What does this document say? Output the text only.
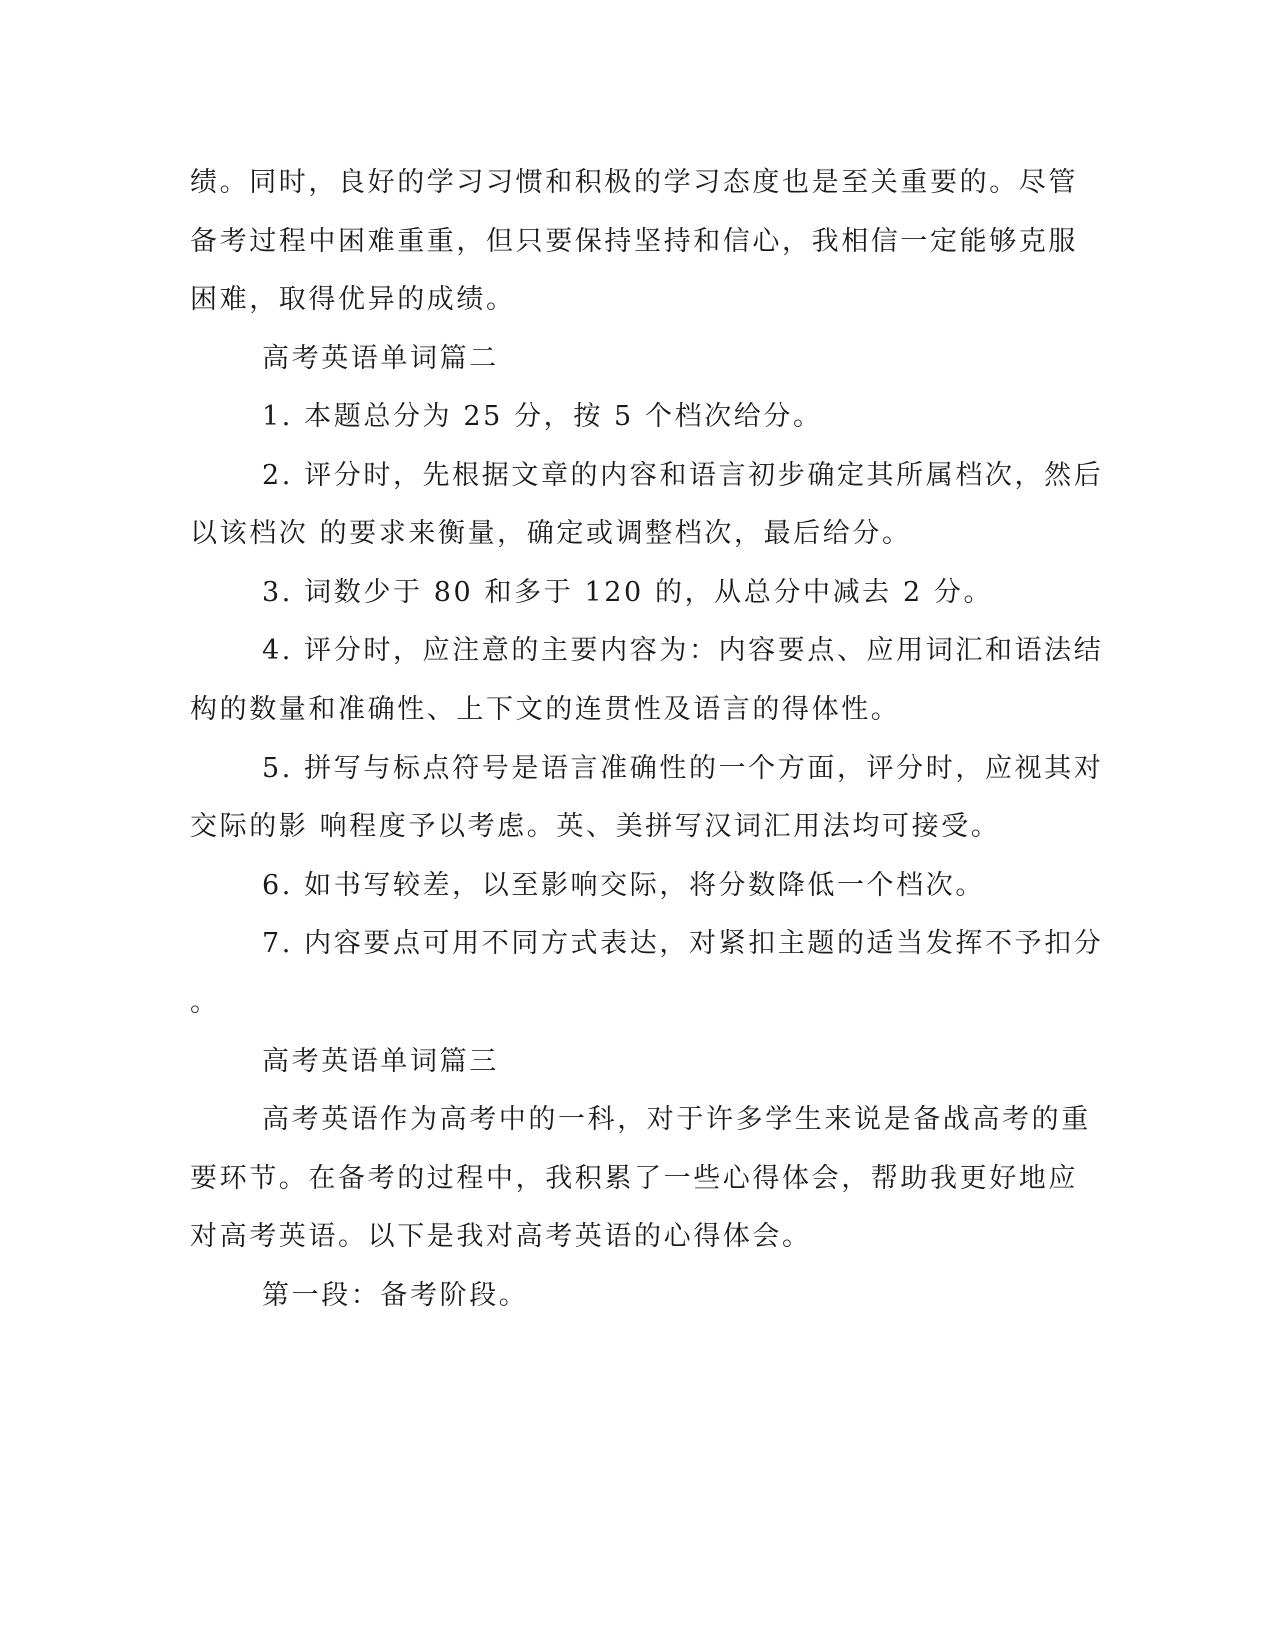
绩。同时，良好的学习习惯和积极的学习态度也是至关重要的。尽管
备考过程中困难重重，但只要保持坚持和信心，我相信一定能够克服
困难，取得优异的成绩。
高考英语单词篇二
1. 本题总分为 25 分，按 5 个档次给分。
2. 评分时，先根据文章的内容和语言初步确定其所属档次，然后
以该档次 的要求来衡量，确定或调整档次，最后给分。
3. 词数少于 80 和多于 120 的，从总分中减去 2 分。
4. 评分时，应注意的主要内容为：内容要点、应用词汇和语法结
构的数量和准确性、上下文的连贯性及语言的得体性。
5. 拼写与标点符号是语言准确性的一个方面，评分时，应视其对
交际的影 响程度予以考虑。英、美拼写汉词汇用法均可接受。
6. 如书写较差，以至影响交际，将分数降低一个档次。
7. 内容要点可用不同方式表达，对紧扣主题的适当发挥不予扣分
。
高考英语单词篇三
高考英语作为高考中的一科，对于许多学生来说是备战高考的重
要环节。在备考的过程中，我积累了一些心得体会，帮助我更好地应
对高考英语。以下是我对高考英语的心得体会。
第一段：备考阶段。
